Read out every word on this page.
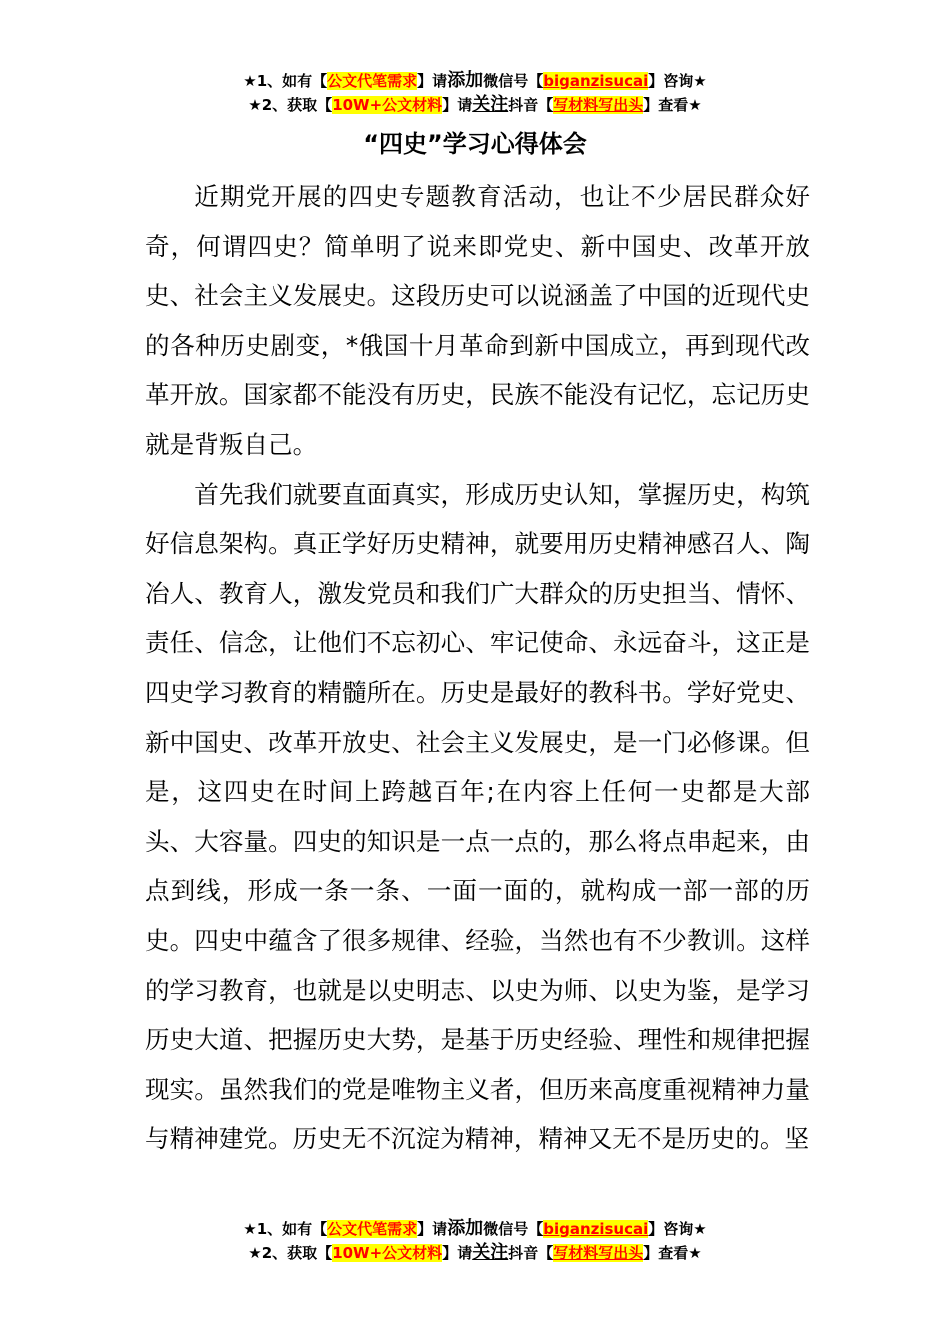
★1、如有【公文代笔需求】请添加微信号【biganzisucai】咨询★
★2、获取【10W+公文材料】请关注抖音【写材料写出头】查看★
“四史”学习心得体会

近期党开展的四史专题教育活动，也让不少居民群众好奇，何谓四史？简单明了说来即党史、新中国史、改革开放史、社会主义发展史。这段历史可以说涵盖了中国的近现代史的各种历史剧变，*俄国十月革命到新中国成立，再到现代改革开放。国家都不能没有历史，民族不能没有记忆，忘记历史就是背叛自己。

首先我们就要直面真实，形成历史认知，掌握历史，构筑好信息架构。真正学好历史精神，就要用历史精神感召人、陶冶人、教育人，激发党员和我们广大群众的历史担当、情怀、责任、信念，让他们不忘初心、牢记使命、永远奋斗，这正是四史学习教育的精髓所在。历史是最好的教科书。学好党史、新中国史、改革开放史、社会主义发展史，是一门必修课。但是，这四史在时间上跨越百年;在内容上任何一史都是大部头、大容量。四史的知识是一点一点的，那么将点串起来，由点到线，形成一条一条、一面一面的，就构成一部一部的历史。四史中蕴含了很多规律、经验，当然也有不少教训。这样的学习教育，也就是以史明志、以史为师、以史为鉴，是学习历史大道、把握历史大势，是基于历史经验、理性和规律把握现实。虽然我们的党是唯物主义者，但历来高度重视精神力量与精神建党。历史无不沉淀为精神，精神又无不是历史的。坚

★1、如有【公文代笔需求】请添加微信号【biganzisucai】咨询★
★2、获取【10W+公文材料】请关注抖音【写材料写出头】查看★
